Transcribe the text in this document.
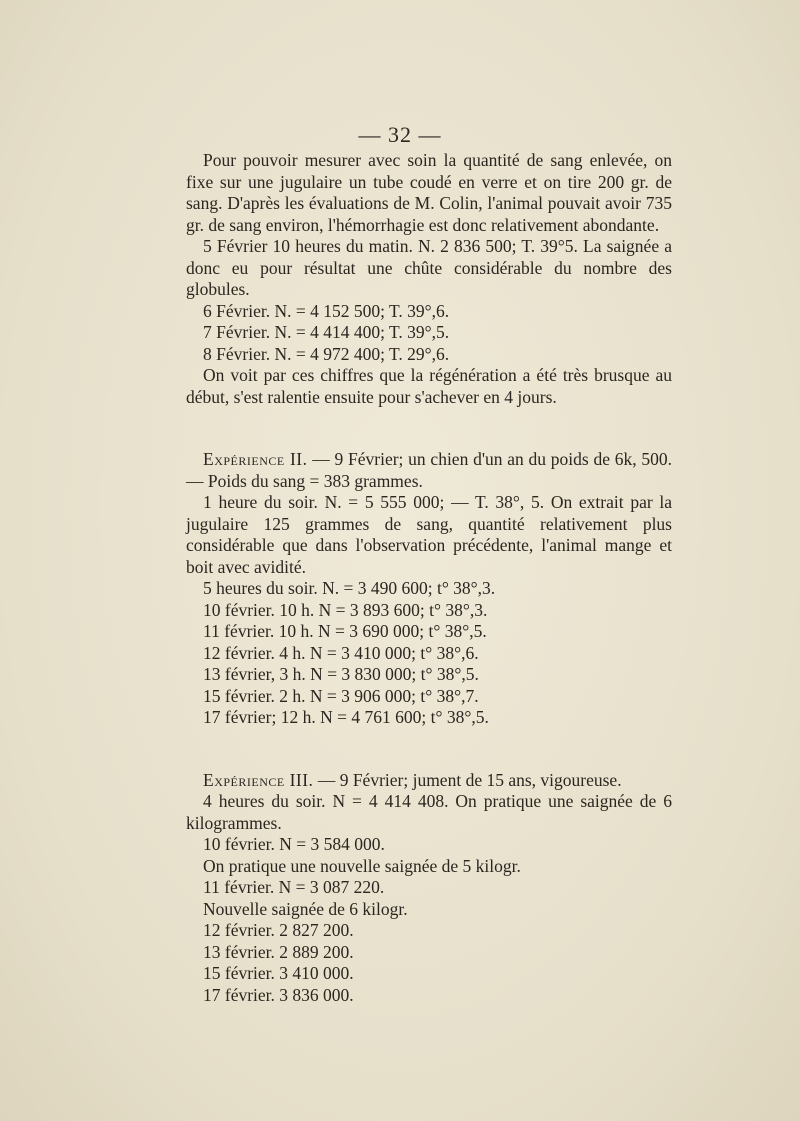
— 32 —

Pour pouvoir mesurer avec soin la quantité de sang enlevée, on fixe sur une jugulaire un tube coudé en verre et on tire 200 gr. de sang. D'après les évaluations de M. Colin, l'animal pouvait avoir 735 gr. de sang environ, l'hémorrhagie est donc relativement abondante.

5 Février 10 heures du matin. N. 2 836 500; T. 39°5. La saignée a donc eu pour résultat une chûte considérable du nombre des globules.

6 Février. N. = 4 152 500; T. 39°,6.

7 Février. N. = 4 414 400; T. 39°,5.

8 Février. N. = 4 972 400; T. 29°,6.

On voit par ces chiffres que la régénération a été très brusque au début, s'est ralentie ensuite pour s'achever en 4 jours.

Expérience II. — 9 Février; un chien d'un an du poids de 6k, 500. — Poids du sang = 383 grammes.

1 heure du soir. N. = 5 555 000; — T. 38°, 5. On extrait par la jugulaire 125 grammes de sang, quantité relativement plus considérable que dans l'observation précédente, l'animal mange et boit avec avidité.

5 heures du soir. N. = 3 490 600; t° 38°,3.

10 février. 10 h. N = 3 893 600; t° 38°,3.

11 février. 10 h. N = 3 690 000; t° 38°,5.

12 février. 4 h. N = 3 410 000; t° 38°,6.

13 février, 3 h. N = 3 830 000; t° 38°,5.

15 février. 2 h. N = 3 906 000; t° 38°,7.

17 février; 12 h. N = 4 761 600; t° 38°,5.

Expérience III. — 9 Février; jument de 15 ans, vigoureuse.

4 heures du soir. N = 4 414 408. On pratique une saignée de 6 kilogrammes.

10 février. N = 3 584 000.

On pratique une nouvelle saignée de 5 kilogr.

11 février. N = 3 087 220.

Nouvelle saignée de 6 kilogr.

12 février. 2 827 200.

13 février. 2 889 200.

15 février. 3 410 000.

17 février. 3 836 000.
